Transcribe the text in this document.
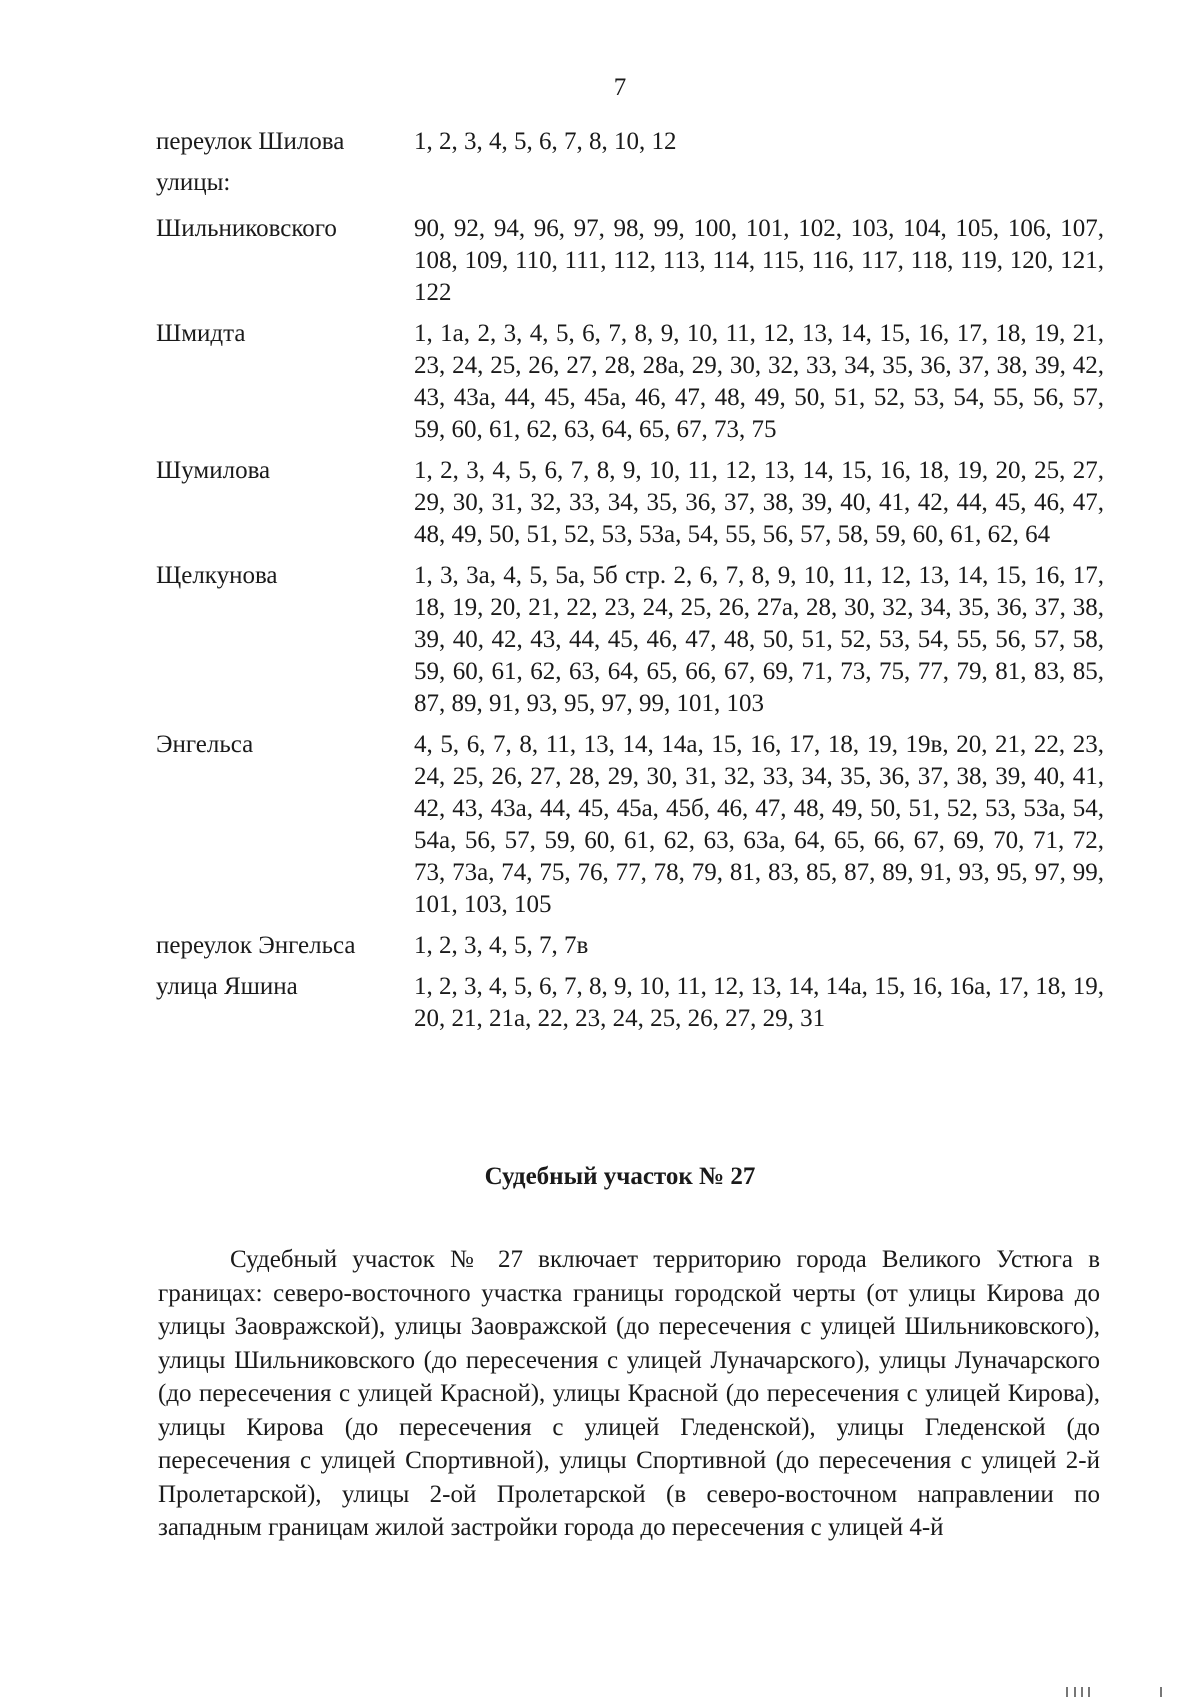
7
переулок Шилова	1, 2, 3, 4, 5, 6, 7, 8, 10, 12
улицы:
Шильниковского	90, 92, 94, 96, 97, 98, 99, 100, 101, 102, 103, 104, 105, 106, 107, 108, 109, 110, 111, 112, 113, 114, 115, 116, 117, 118, 119, 120, 121, 122
Шмидта	1, 1а, 2, 3, 4, 5, 6, 7, 8, 9, 10, 11, 12, 13, 14, 15, 16, 17, 18, 19, 21, 23, 24, 25, 26, 27, 28, 28а, 29, 30, 32, 33, 34, 35, 36, 37, 38, 39, 42, 43, 43а, 44, 45, 45а, 46, 47, 48, 49, 50, 51, 52, 53, 54, 55, 56, 57, 59, 60, 61, 62, 63, 64, 65, 67, 73, 75
Шумилова	1, 2, 3, 4, 5, 6, 7, 8, 9, 10, 11, 12, 13, 14, 15, 16, 18, 19, 20, 25, 27, 29, 30, 31, 32, 33, 34, 35, 36, 37, 38, 39, 40, 41, 42, 44, 45, 46, 47, 48, 49, 50, 51, 52, 53, 53а, 54, 55, 56, 57, 58, 59, 60, 61, 62, 64
Щелкунова	1, 3, 3а, 4, 5, 5а, 5б стр. 2, 6, 7, 8, 9, 10, 11, 12, 13, 14, 15, 16, 17, 18, 19, 20, 21, 22, 23, 24, 25, 26, 27а, 28, 30, 32, 34, 35, 36, 37, 38, 39, 40, 42, 43, 44, 45, 46, 47, 48, 50, 51, 52, 53, 54, 55, 56, 57, 58, 59, 60, 61, 62, 63, 64, 65, 66, 67, 69, 71, 73, 75, 77, 79, 81, 83, 85, 87, 89, 91, 93, 95, 97, 99, 101, 103
Энгельса	4, 5, 6, 7, 8, 11, 13, 14, 14а, 15, 16, 17, 18, 19, 19в, 20, 21, 22, 23, 24, 25, 26, 27, 28, 29, 30, 31, 32, 33, 34, 35, 36, 37, 38, 39, 40, 41, 42, 43, 43а, 44, 45, 45а, 45б, 46, 47, 48, 49, 50, 51, 52, 53, 53а, 54, 54а, 56, 57, 59, 60, 61, 62, 63, 63а, 64, 65, 66, 67, 69, 70, 71, 72, 73, 73а, 74, 75, 76, 77, 78, 79, 81, 83, 85, 87, 89, 91, 93, 95, 97, 99, 101, 103, 105
переулок Энгельса	1, 2, 3, 4, 5, 7, 7в
улица Яшина	1, 2, 3, 4, 5, 6, 7, 8, 9, 10, 11, 12, 13, 14, 14а, 15, 16, 16а, 17, 18, 19, 20, 21, 21а, 22, 23, 24, 25, 26, 27, 29, 31
Судебный участок № 27

Судебный участок № 27 включает территорию города Великого Устюга в границах: северо-восточного участка границы городской черты (от улицы Кирова до улицы Заовражской), улицы Заовражской (до пересечения с улицей Шильниковского), улицы Шильниковского (до пересечения с улицей Луначарского), улицы Луначарского (до пересечения с улицей Красной), улицы Красной (до пересечения с улицей Кирова), улицы Кирова (до пересечения с улицей Гледенской), улицы Гледенской (до пересечения с улицей Спортивной), улицы Спортивной (до пересечения с улицей 2-й Пролетарской), улицы 2-ой Пролетарской (в северо-восточном направлении по западным границам жилой застройки города до пересечения с улицей 4-й
